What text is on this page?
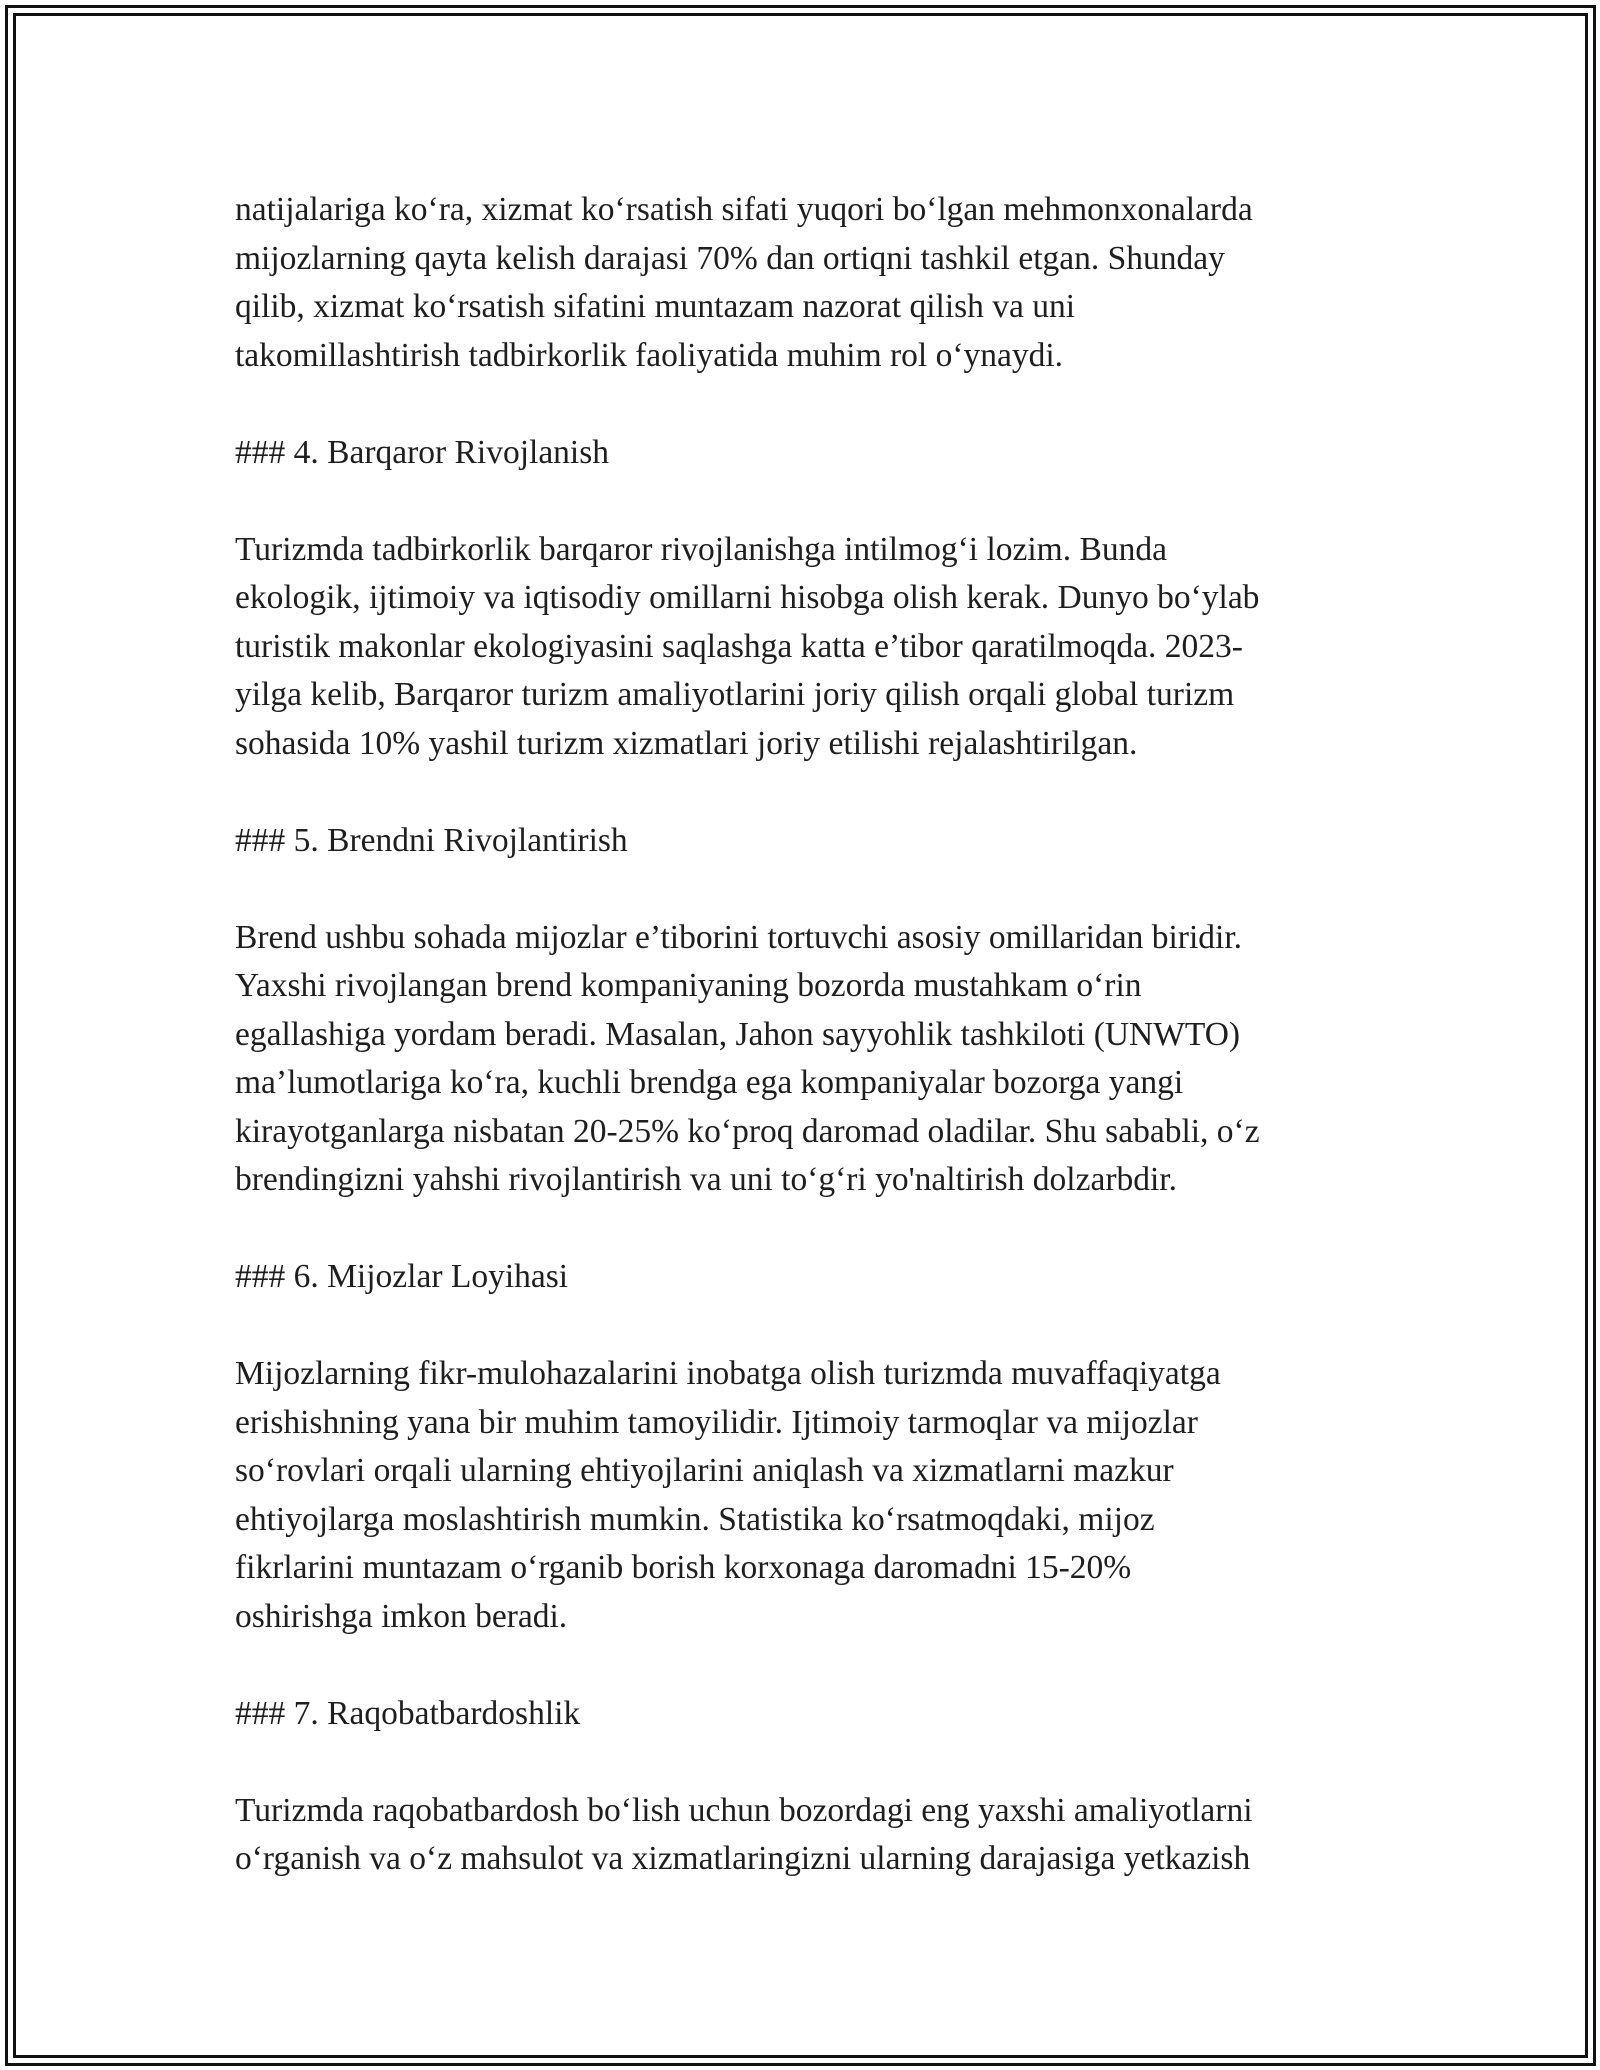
natijalariga ko‘ra, xizmat ko‘rsatish sifati yuqori bo‘lgan mehmonxonalarda
mijozlarning qayta kelish darajasi 70% dan ortiqni tashkil etgan. Shunday
qilib, xizmat ko‘rsatish sifatini muntazam nazorat qilish va uni
takomillashtirish tadbirkorlik faoliyatida muhim rol o‘ynaydi.
### 4. Barqaror Rivojlanish
Turizmda tadbirkorlik barqaror rivojlanishga intilmog‘i lozim. Bunda
ekologik, ijtimoiy va iqtisodiy omillarni hisobga olish kerak. Dunyo bo‘ylab
turistik makonlar ekologiyasini saqlashga katta e’tibor qaratilmoqda. 2023-
yilga kelib, Barqaror turizm amaliyotlarini joriy qilish orqali global turizm
sohasida 10% yashil turizm xizmatlari joriy etilishi rejalashtirilgan.
### 5. Brendni Rivojlantirish
Brend ushbu sohada mijozlar e’tiborini tortuvchi asosiy omillaridan biridir.
Yaxshi rivojlangan brend kompaniyaning bozorda mustahkam o‘rin
egallashiga yordam beradi. Masalan, Jahon sayyohlik tashkiloti (UNWTO)
ma’lumotlariga ko‘ra, kuchli brendga ega kompaniyalar bozorga yangi
kirayotganlarga nisbatan 20-25% ko‘proq daromad oladilar. Shu sababli, o‘z
brendingizni yahshi rivojlantirish va uni to‘g‘ri yo'naltirish dolzarbdir.
### 6. Mijozlar Loyihasi
Mijozlarning fikr-mulohazalarini inobatga olish turizmda muvaffaqiyatga
erishishning yana bir muhim tamoyilidir. Ijtimoiy tarmoqlar va mijozlar
so‘rovlari orqali ularning ehtiyojlarini aniqlash va xizmatlarni mazkur
ehtiyojlarga moslashtirish mumkin. Statistika ko‘rsatmoqdaki, mijoz
fikrlarini muntazam o‘rganib borish korxonaga daromadni 15-20%
oshirishga imkon beradi.
### 7. Raqobatbardoshlik
Turizmda raqobatbardosh bo‘lish uchun bozordagi eng yaxshi amaliyotlarni
o‘rganish va o‘z mahsulot va xizmatlaringizni ularning darajasiga yetkazish
